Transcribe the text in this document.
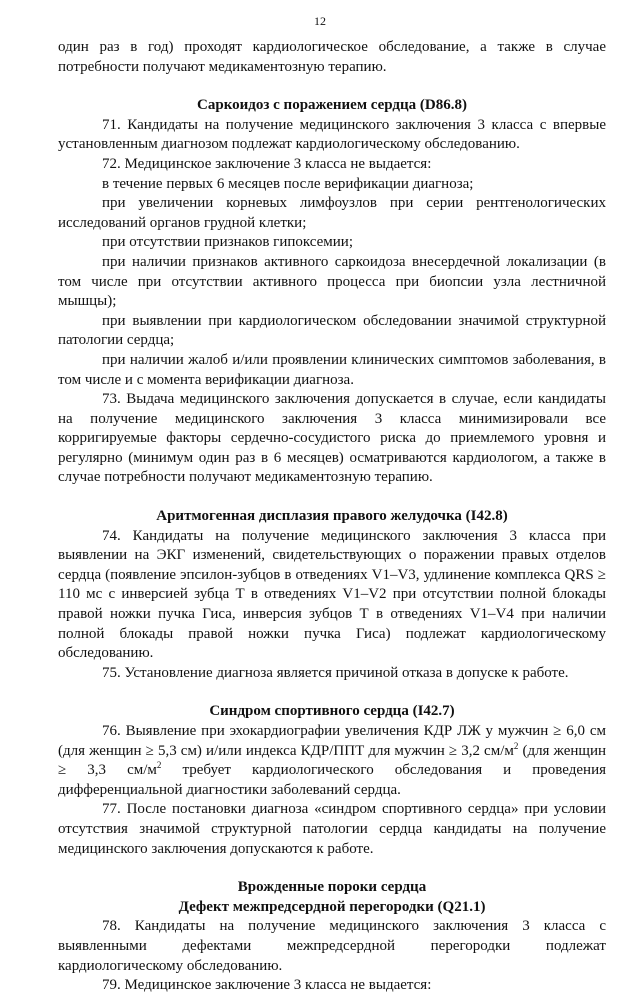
12

один раз в год) проходят кардиологическое обследование, а также в случае потребности получают медикаментозную терапию.

Саркоидоз с поражением сердца (D86.8)

71. Кандидаты на получение медицинского заключения 3 класса с впервые установленным диагнозом подлежат кардиологическому обследованию.

72. Медицинское заключение 3 класса не выдается:

в течение первых 6 месяцев после верификации диагноза;

при увеличении корневых лимфоузлов при серии рентгенологических исследований органов грудной клетки;

при отсутствии признаков гипоксемии;

при наличии признаков активного саркоидоза внесердечной локализации (в том числе при отсутствии активного процесса при биопсии узла лестничной мышцы);

при выявлении при кардиологическом обследовании значимой структурной патологии сердца;

при наличии жалоб и/или проявлении клинических симптомов заболевания, в том числе и с момента верификации диагноза.

73. Выдача медицинского заключения допускается в случае, если кандидаты на получение медицинского заключения 3 класса минимизировали все корригируемые факторы сердечно-сосудистого риска до приемлемого уровня и регулярно (минимум один раз в 6 месяцев) осматриваются кардиологом, а также в случае потребности получают медикаментозную терапию.

Аритмогенная дисплазия правого желудочка (I42.8)

74. Кандидаты на получение медицинского заключения 3 класса при выявлении на ЭКГ изменений, свидетельствующих о поражении правых отделов сердца (появление эпсилон-зубцов в отведениях V1–V3, удлинение комплекса QRS ≥ 110 мс с инверсией зубца Т в отведениях V1–V2 при отсутствии полной блокады правой ножки пучка Гиса, инверсия зубцов Т в отведениях V1–V4 при наличии полной блокады правой ножки пучка Гиса) подлежат кардиологическому обследованию.

75. Установление диагноза является причиной отказа в допуске к работе.

Синдром спортивного сердца (I42.7)

76. Выявление при эхокардиографии увеличения КДР ЛЖ у мужчин ≥ 6,0 см (для женщин ≥ 5,3 см) и/или индекса КДР/ППТ для мужчин ≥ 3,2 $см/м^2$ (для женщин ≥ 3,3 $см/м^2$ требует кардиологического обследования и проведения дифференциальной диагностики заболеваний сердца.

77. После постановки диагноза «синдром спортивного сердца» при условии отсутствия значимой структурной патологии сердца кандидаты на получение медицинского заключения допускаются к работе.

Врожденные пороки сердца
Дефект межпредсердной перегородки (Q21.1)

78. Кандидаты на получение медицинского заключения 3 класса с выявленными дефектами межпредсердной перегородки подлежат кардиологическому обследованию.

79. Медицинское заключение 3 класса не выдается:
